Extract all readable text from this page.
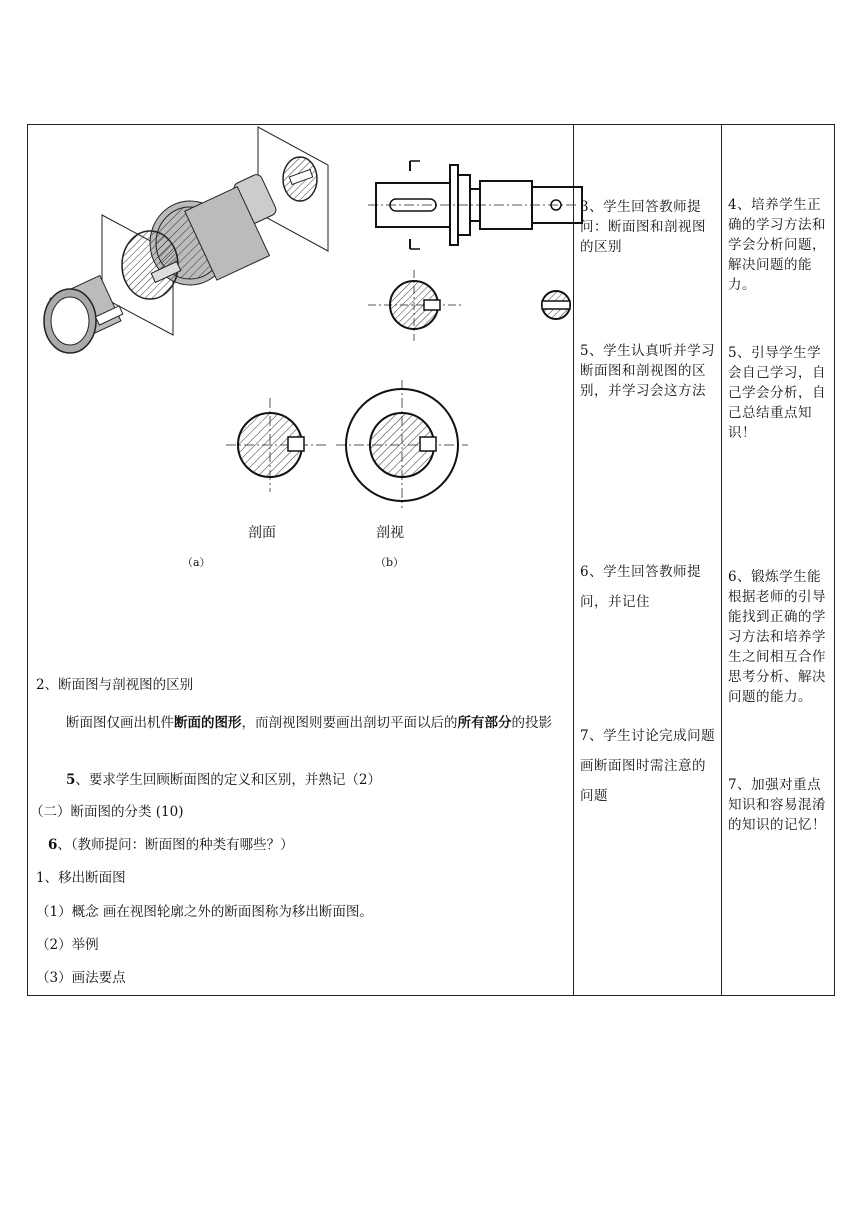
剖面	剖视
（a）	（b）

2、断面图与剖视图的区别

断面图仅画出机件断面的图形，而剖视图则要画出剖切平面以后的所有部分的投影

5、要求学生回顾断面图的定义和区别，并熟记（2）

（二）断面图的分类 (10)

6、（教师提问：断面图的种类有哪些？）

1、移出断面图

（1）概念 画在视图轮廓之外的断面图称为移出断面图。

（2）举例

（3）画法要点

3、学生回答教师提问：断面图和剖视图的区别

5、学生认真听并学习断面图和剖视图的区别，并学习会这方法

6、学生回答教师提问，并记住

7、学生讨论完成问题画断面图时需注意的问题

4、培养学生正确的学习方法和学会分析问题，解决问题的能力。

5、引导学生学会自己学习，自己学会分析，自己总结重点知识！

6、锻炼学生能根据老师的引导能找到正确的学习方法和培养学生之间相互合作思考分析、解决问题的能力。

7、加强对重点知识和容易混淆的知识的记忆！
